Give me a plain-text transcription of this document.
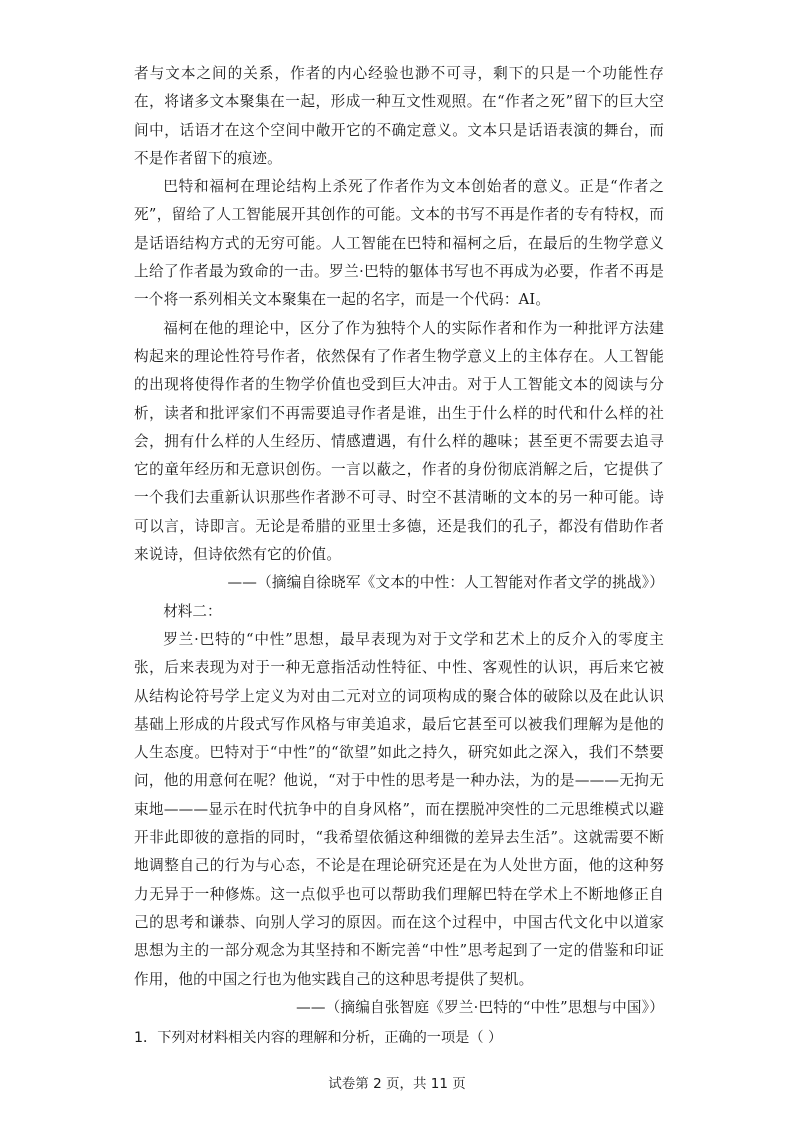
者与文本之间的关系，作者的内心经验也渺不可寻，剩下的只是一个功能性存在，将诸多文本聚集在一起，形成一种互文性观照。在“作者之死”留下的巨大空间中，话语才在这个空间中敞开它的不确定意义。文本只是话语表演的舞台，而不是作者留下的痕迹。

巴特和福柯在理论结构上杀死了作者作为文本创始者的意义。正是“作者之死”，留给了人工智能展开其创作的可能。文本的书写不再是作者的专有特权，而是话语结构方式的无穷可能。人工智能在巴特和福柯之后，在最后的生物学意义上给了作者最为致命的一击。罗兰·巴特的躯体书写也不再成为必要，作者不再是一个将一系列相关文本聚集在一起的名字，而是一个代码：AI。

福柯在他的理论中，区分了作为独特个人的实际作者和作为一种批评方法建构起来的理论性符号作者，依然保有了作者生物学意义上的主体存在。人工智能的出现将使得作者的生物学价值也受到巨大冲击。对于人工智能文本的阅读与分析，读者和批评家们不再需要追寻作者是谁，出生于什么样的时代和什么样的社会，拥有什么样的人生经历、情感遭遇，有什么样的趣味；甚至更不需要去追寻它的童年经历和无意识创伤。一言以蔽之，作者的身份彻底消解之后，它提供了一个我们去重新认识那些作者渺不可寻、时空不甚清晰的文本的另一种可能。诗可以言，诗即言。无论是希腊的亚里士多德，还是我们的孔子，都没有借助作者来说诗，但诗依然有它的价值。

——（摘编自徐晓军《文本的中性：人工智能对作者文学的挑战》）

材料二：

罗兰·巴特的“中性”思想，最早表现为对于文学和艺术上的反介入的零度主张，后来表现为对于一种无意指活动性特征、中性、客观性的认识，再后来它被从结构论符号学上定义为对由二元对立的词项构成的聚合体的破除以及在此认识基础上形成的片段式写作风格与审美追求，最后它甚至可以被我们理解为是他的人生态度。巴特对于“中性”的“欲望”如此之持久，研究如此之深入，我们不禁要问，他的用意何在呢？他说，“对于中性的思考是一种办法，为的是———无拘无束地———显示在时代抗争中的自身风格”，而在摆脱冲突性的二元思维模式以避开非此即彼的意指的同时，“我希望依循这种细微的差异去生活”。这就需要不断地调整自己的行为与心态，不论是在理论研究还是在为人处世方面，他的这种努力无异于一种修炼。这一点似乎也可以帮助我们理解巴特在学术上不断地修正自己的思考和谦恭、向别人学习的原因。而在这个过程中，中国古代文化中以道家思想为主的一部分观念为其坚持和不断完善“中性”思考起到了一定的借鉴和印证作用，他的中国之行也为他实践自己的这种思考提供了契机。

——（摘编自张智庭《罗兰·巴特的“中性”思想与中国》）

1．下列对材料相关内容的理解和分析，正确的一项是（ ）

试卷第 2 页，共 11 页
